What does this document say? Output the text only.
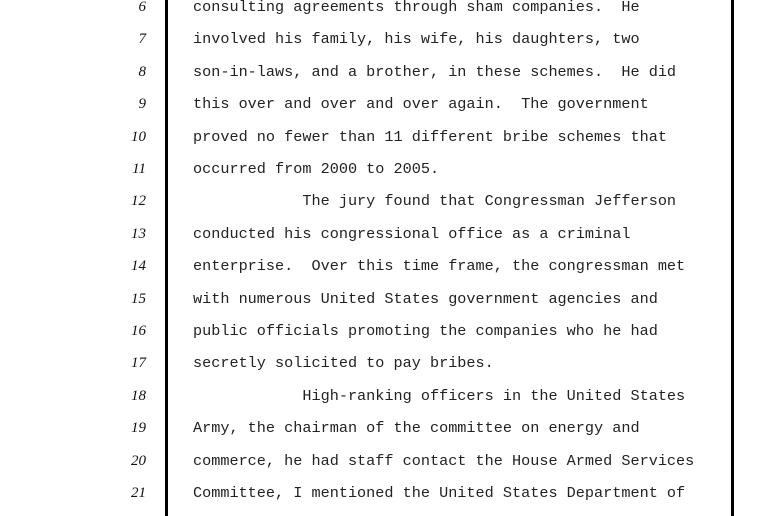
6	consulting agreements through sham companies.  He
7	involved his family, his wife, his daughters, two
8	son-in-laws, and a brother, in these schemes.  He did
9	this over and over and over again.  The government
10	proved no fewer than 11 different bribe schemes that
11	occurred from 2000 to 2005.
12	The jury found that Congressman Jefferson
13	conducted his congressional office as a criminal
14	enterprise.  Over this time frame, the congressman met
15	with numerous United States government agencies and
16	public officials promoting the companies who he had
17	secretly solicited to pay bribes.
18	High-ranking officers in the United States
19	Army, the chairman of the committee on energy and
20	commerce, he had staff contact the House Armed Services
21	Committee, I mentioned the United States Department of
